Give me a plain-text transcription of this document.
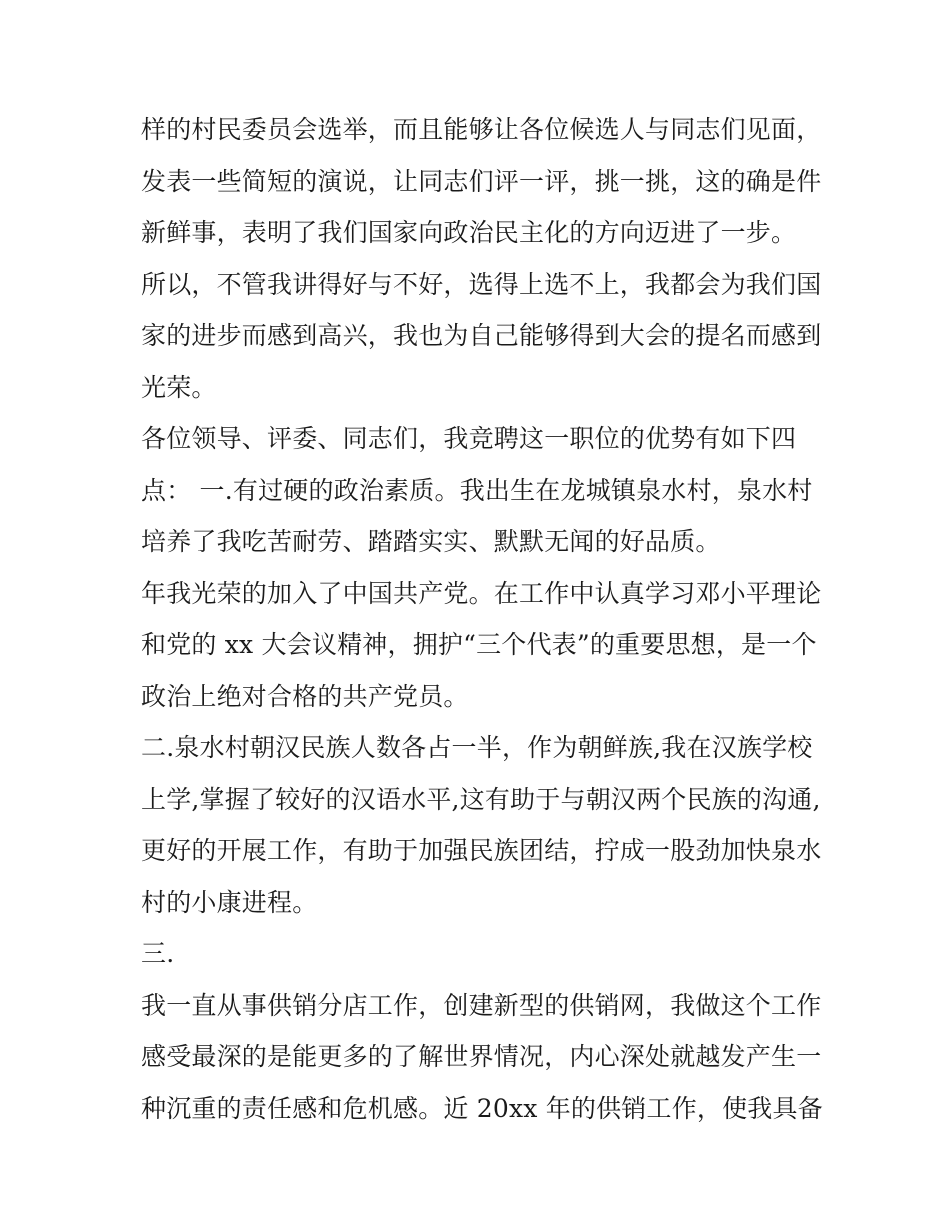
样的村民委员会选举，而且能够让各位候选人与同志们见面，
发表一些简短的演说，让同志们评一评，挑一挑，这的确是件
新鲜事，表明了我们国家向政治民主化的方向迈进了一步。
所以，不管我讲得好与不好，选得上选不上，我都会为我们国
家的进步而感到高兴，我也为自己能够得到大会的提名而感到
光荣。
各位领导、评委、同志们，我竞聘这一职位的优势有如下四
点： 一.有过硬的政治素质。我出生在龙城镇泉水村，泉水村
培养了我吃苦耐劳、踏踏实实、默默无闻的好品质。
年我光荣的加入了中国共产党。在工作中认真学习邓小平理论
和党的 xx 大会议精神，拥护“三个代表”的重要思想，是一个
政治上绝对合格的共产党员。
二.泉水村朝汉民族人数各占一半，作为朝鲜族,我在汉族学校
上学,掌握了较好的汉语水平,这有助于与朝汉两个民族的沟通,
更好的开展工作，有助于加强民族团结，拧成一股劲加快泉水
村的小康进程。
三.
我一直从事供销分店工作，创建新型的供销网，我做这个工作
感受最深的是能更多的了解世界情况，内心深处就越发产生一
种沉重的责任感和危机感。近 20xx 年的供销工作，使我具备
